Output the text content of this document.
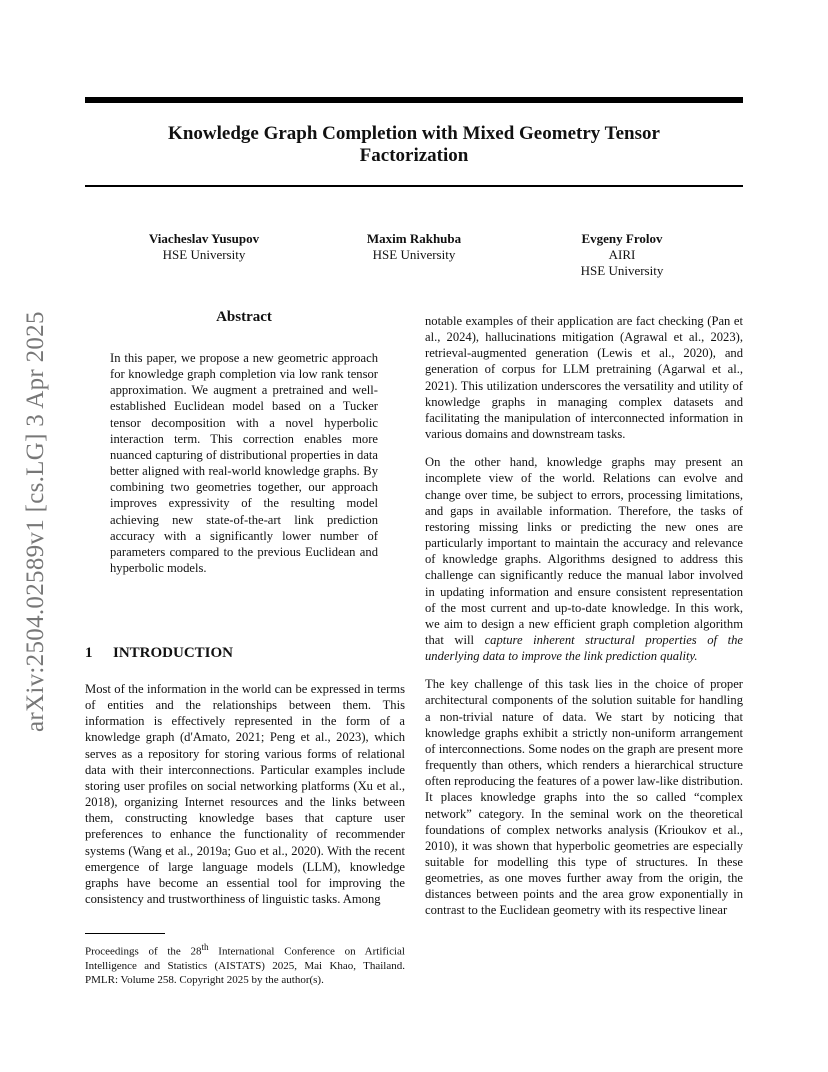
Knowledge Graph Completion with Mixed Geometry Tensor
Factorization
Viacheslav Yusupov
HSE University
Maxim Rakhuba
HSE University
Evgeny Frolov
AIRI
HSE University
arXiv:2504.02589v1 [cs.LG] 3 Apr 2025	Abstract

In this paper, we propose a new geometric approach for knowledge graph completion via low rank tensor approximation. We augment a pretrained and well-established Euclidean model based on a Tucker tensor decomposition with a novel hyperbolic interaction term. This correction enables more nuanced capturing of distributional properties in data better aligned with real-world knowledge graphs. By combining two geometries together, our approach improves expressivity of the resulting model achieving new state-of-the-art link prediction accuracy with a significantly lower number of parameters compared to the previous Euclidean and hyperbolic models.

1 INTRODUCTION

Most of the information in the world can be expressed in terms of entities and the relationships between them. This information is effectively represented in the form of a knowledge graph (d'Amato, 2021; Peng et al., 2023), which serves as a repository for storing various forms of relational data with their interconnections. Particular examples include storing user profiles on social networking platforms (Xu et al., 2018), organizing Internet resources and the links between them, constructing knowledge bases that capture user preferences to enhance the functionality of recommender systems (Wang et al., 2019a; Guo et al., 2020). With the recent emergence of large language models (LLM), knowledge graphs have become an essential tool for improving the consistency and trustworthiness of linguistic tasks. Among

Proceedings of the 28th International Conference on Artificial Intelligence and Statistics (AISTATS) 2025, Mai Khao, Thailand. PMLR: Volume 258. Copyright 2025 by the author(s).

notable examples of their application are fact checking (Pan et al., 2024), hallucinations mitigation (Agrawal et al., 2023), retrieval-augmented generation (Lewis et al., 2020), and generation of corpus for LLM pretraining (Agarwal et al., 2021). This utilization underscores the versatility and utility of knowledge graphs in managing complex datasets and facilitating the manipulation of interconnected information in various domains and downstream tasks.

On the other hand, knowledge graphs may present an incomplete view of the world. Relations can evolve and change over time, be subject to errors, processing limitations, and gaps in available information. Therefore, the tasks of restoring missing links or predicting the new ones are particularly important to maintain the accuracy and relevance of knowledge graphs. Algorithms designed to address this challenge can significantly reduce the manual labor involved in updating information and ensure consistent representation of the most current and up-to-date knowledge. In this work, we aim to design a new efficient graph completion algorithm that will capture inherent structural properties of the underlying data to improve the link prediction quality.

The key challenge of this task lies in the choice of proper architectural components of the solution suitable for handling a non-trivial nature of data. We start by noticing that knowledge graphs exhibit a strictly non-uniform arrangement of interconnections. Some nodes on the graph are present more frequently than others, which renders a hierarchical structure often reproducing the features of a power law-like distribution. It places knowledge graphs into the so called “complex network” category. In the seminal work on the theoretical foundations of complex networks analysis (Krioukov et al., 2010), it was shown that hyperbolic geometries are especially suitable for modelling this type of structures. In these geometries, as one moves further away from the origin, the distances between points and the area grow exponentially in contrast to the Euclidean geometry with its respective linear
